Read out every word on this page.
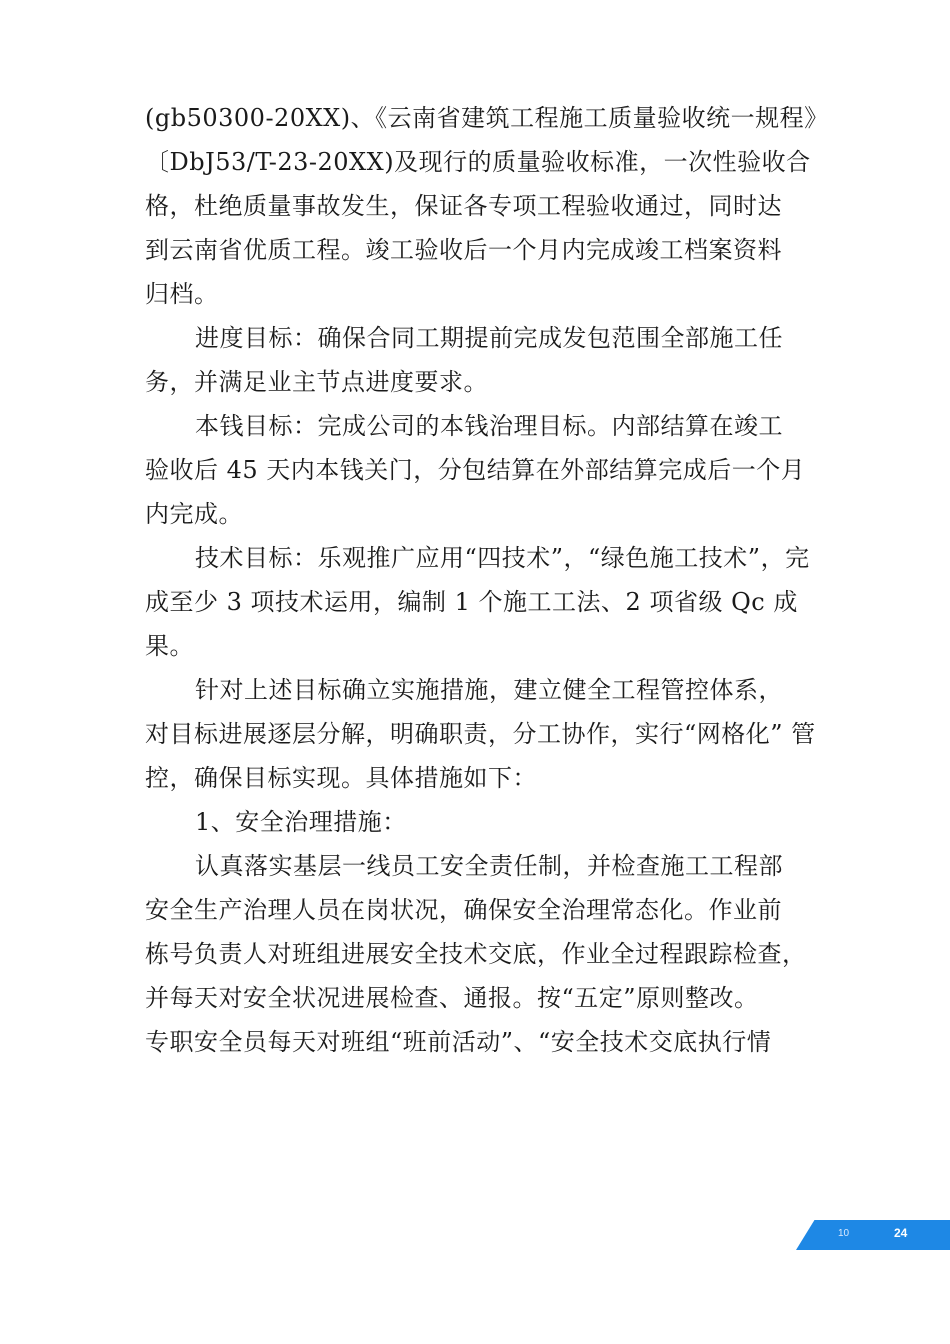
(gb50300-20XX)、《云南省建筑工程施工质量验收统一规程》
〔DbJ53/T-23-20XX)及现行的质量验收标准，一次性验收合
格，杜绝质量事故发生，保证各专项工程验收通过，同时达
到云南省优质工程。竣工验收后一个月内完成竣工档案资料
归档。
进度目标：确保合同工期提前完成发包范围全部施工任
务，并满足业主节点进度要求。
本钱目标：完成公司的本钱治理目标。内部结算在竣工
验收后 45 天内本钱关门，分包结算在外部结算完成后一个月
内完成。
技术目标：乐观推广应用“四技术”，“绿色施工技术”，完
成至少 3 项技术运用，编制 1 个施工工法、2 项省级 Qc 成
果。
针对上述目标确立实施措施，建立健全工程管控体系，
对目标进展逐层分解，明确职责，分工协作，实行“网格化” 管
控，确保目标实现。具体措施如下：
1、安全治理措施：
认真落实基层一线员工安全责任制，并检查施工工程部
安全生产治理人员在岗状况，确保安全治理常态化。作业前
栋号负责人对班组进展安全技术交底，作业全过程跟踪检查，
并每天对安全状况进展检查、通报。按“五定”原则整改。
专职安全员每天对班组“班前活动”、“安全技术交底执行情
10	24
